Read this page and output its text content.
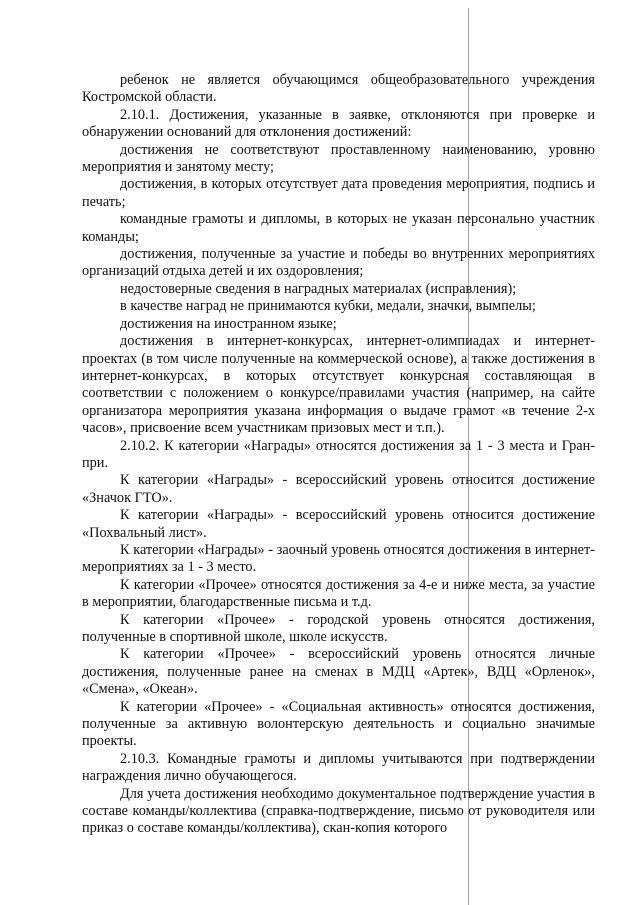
ребенок не является обучающимся общеобразовательного учреждения Костромской области.

2.10.1. Достижения, указанные в заявке, отклоняются при проверке и обнаружении оснований для отклонения достижений:

достижения не соответствуют проставленному наименованию, уровню мероприятия и занятому месту;

достижения, в которых отсутствует дата проведения мероприятия, подпись и печать;

командные грамоты и дипломы, в которых не указан персонально участник команды;

достижения, полученные за участие и победы во внутренних мероприятиях организаций отдыха детей и их оздоровления;

недостоверные сведения в наградных материалах (исправления);

в качестве наград не принимаются кубки, медали, значки, вымпелы;

достижения на иностранном языке;

достижения в интернет-конкурсах, интернет-олимпиадах и интернет-проектах (в том числе полученные на коммерческой основе), а также достижения в интернет-конкурсах, в которых отсутствует конкурсная составляющая в соответствии с положением о конкурсе/правилами участия (например, на сайте организатора мероприятия указана информация о выдаче грамот «в течение 2-х часов», присвоение всем участникам призовых мест и т.п.).

2.10.2. К категории «Награды» относятся достижения за 1 - 3 места и Гран-при.

К категории «Награды» - всероссийский уровень относится достижение «Значок ГТО».

К категории «Награды» - всероссийский уровень относится достижение «Похвальный лист».

К категории «Награды» - заочный уровень относятся достижения в интернет-мероприятиях за 1 - 3 место.

К категории «Прочее» относятся достижения за 4-е и ниже места, за участие в мероприятии, благодарственные письма и т.д.

К категории «Прочее» - городской уровень относятся достижения, полученные в спортивной школе, школе искусств.

К категории «Прочее» - всероссийский уровень относятся личные достижения, полученные ранее на сменах в МДЦ «Артек», ВДЦ «Орленок», «Смена», «Океан».

К категории «Прочее» - «Социальная активность» относятся достижения, полученные за активную волонтерскую деятельность и социально значимые проекты.

2.10.3. Командные грамоты и дипломы учитываются при подтверждении награждения лично обучающегося.

Для учета достижения необходимо документальное подтверждение участия в составе команды/коллектива (справка-подтверждение, письмо от руководителя или приказ о составе команды/коллектива), скан-копия которого
